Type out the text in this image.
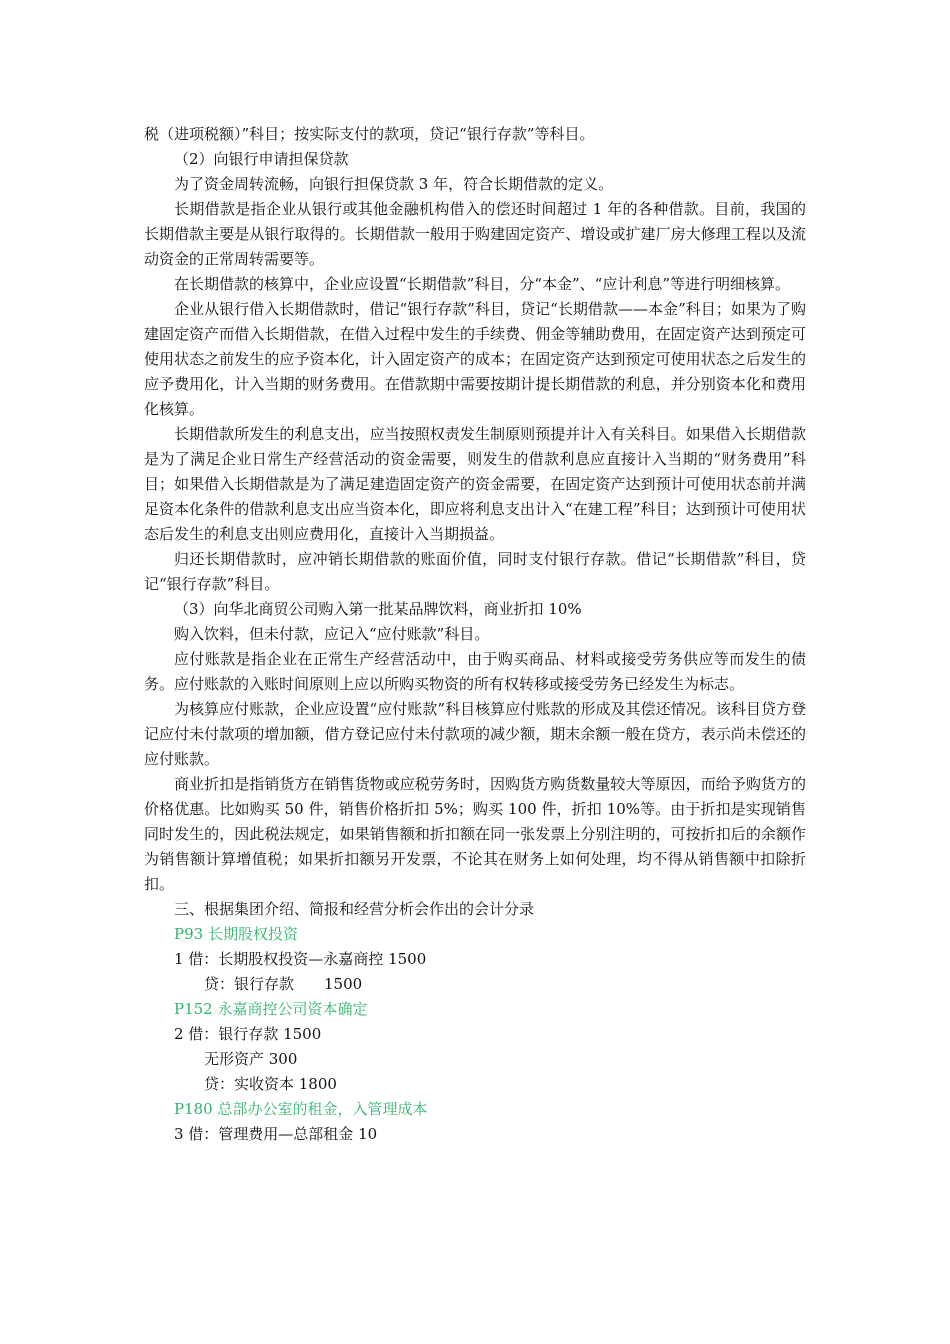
税（进项税额）”科目；按实际支付的款项，贷记“银行存款”等科目。

（2）向银行申请担保贷款

为了资金周转流畅，向银行担保贷款 3 年，符合长期借款的定义。

长期借款是指企业从银行或其他金融机构借入的偿还时间超过 1 年的各种借款。目前，我国的长期借款主要是从银行取得的。长期借款一般用于购建固定资产、增设或扩建厂房大修理工程以及流动资金的正常周转需要等。

在长期借款的核算中，企业应设置“长期借款”科目，分“本金”、“应计利息”等进行明细核算。

企业从银行借入长期借款时，借记“银行存款”科目，贷记“长期借款——本金”科目；如果为了购建固定资产而借入长期借款，在借入过程中发生的手续费、佣金等辅助费用，在固定资产达到预定可使用状态之前发生的应予资本化，计入固定资产的成本；在固定资产达到预定可使用状态之后发生的应予费用化，计入当期的财务费用。在借款期中需要按期计提长期借款的利息，并分别资本化和费用化核算。

长期借款所发生的利息支出，应当按照权责发生制原则预提并计入有关科目。如果借入长期借款是为了满足企业日常生产经营活动的资金需要，则发生的借款利息应直接计入当期的“财务费用”科目；如果借入长期借款是为了满足建造固定资产的资金需要，在固定资产达到预计可使用状态前并满足资本化条件的借款利息支出应当资本化，即应将利息支出计入“在建工程”科目；达到预计可使用状态后发生的利息支出则应费用化，直接计入当期损益。

归还长期借款时，应冲销长期借款的账面价值，同时支付银行存款。借记“长期借款”科目，贷记“银行存款”科目。

（3）向华北商贸公司购入第一批某品牌饮料，商业折扣 10%

购入饮料，但未付款，应记入“应付账款”科目。

应付账款是指企业在正常生产经营活动中，由于购买商品、材料或接受劳务供应等而发生的债务。应付账款的入账时间原则上应以所购买物资的所有权转移或接受劳务已经发生为标志。

为核算应付账款，企业应设置“应付账款”科目核算应付账款的形成及其偿还情况。该科目贷方登记应付未付款项的增加额，借方登记应付未付款项的减少额，期末余额一般在贷方，表示尚未偿还的应付账款。

商业折扣是指销货方在销售货物或应税劳务时，因购货方购货数量较大等原因，而给予购货方的价格优惠。比如购买 50 件，销售价格折扣 5%；购买 100 件，折扣 10%等。由于折扣是实现销售同时发生的，因此税法规定，如果销售额和折扣额在同一张发票上分别注明的，可按折扣后的余额作为销售额计算增值税；如果折扣额另开发票，不论其在财务上如何处理，均不得从销售额中扣除折扣。

三、根据集团介绍、简报和经营分析会作出的会计分录

P93 长期股权投资

1 借：长期股权投资—永嘉商控 1500

贷：银行存款 1500

P152 永嘉商控公司资本确定

2 借：银行存款 1500

无形资产 300

贷：实收资本 1800

P180 总部办公室的租金，入管理成本

3 借：管理费用—总部租金 10
